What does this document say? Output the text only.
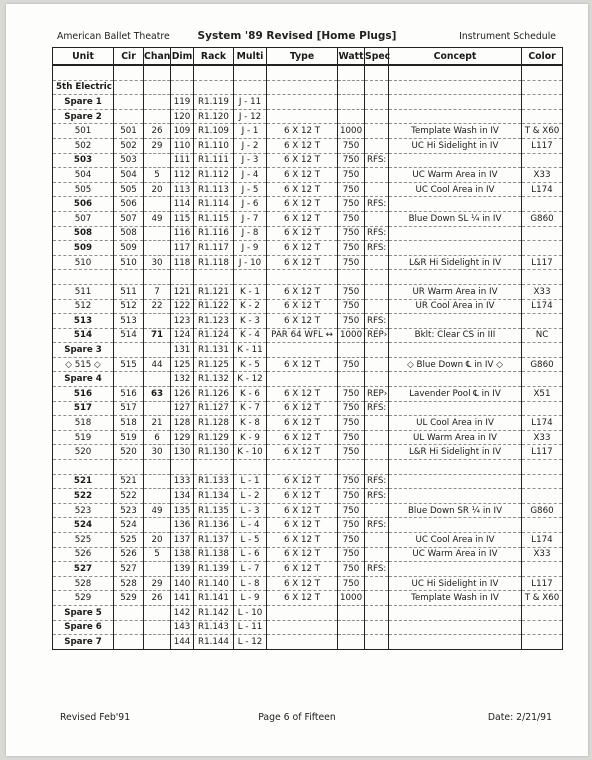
American Ballet Theatre	System '89 Revised [Home Plugs]	Instrument Schedule
Unit	Cir	Chan	Dim	Rack	Multi	Type	Watt	Spec	Concept	Color

5th Electric										
Spare 1			119	R1.119	J - 11					
Spare 2			120	R1.120	J - 12					
501	501	26	109	R1.109	J - 1	6 X 12 T	1000		Template Wash in IV	T & X60
502	502	29	110	R1.110	J - 2	6 X 12 T	750		UC Hi Sidelight in IV	L117
503	503		111	R1.111	J - 3	6 X 12 T	750	RFS:		
504	504	5	112	R1.112	J - 4	6 X 12 T	750		UC Warm Area in IV	X33
505	505	20	113	R1.113	J - 5	6 X 12 T	750		UC Cool Area in IV	L174
506	506		114	R1.114	J - 6	6 X 12 T	750	RFS:		
507	507	49	115	R1.115	J - 7	6 X 12 T	750		Blue Down SL ¼ in IV	G860
508	508		116	R1.116	J - 8	6 X 12 T	750	RFS:		
509	509		117	R1.117	J - 9	6 X 12 T	750	RFS:		
510	510	30	118	R1.118	J - 10	6 X 12 T	750		L&R Hi Sidelight in IV	L117

511	511	7	121	R1.121	K - 1	6 X 12 T	750		UR Warm Area in IV	X33
512	512	22	122	R1.122	K - 2	6 X 12 T	750		UR Cool Area in IV	L174
513	513		123	R1.123	K - 3	6 X 12 T	750	RFS:		
514	514	71	124	R1.124	K - 4	PAR 64 WFL ↔	1000	REP›	Bklt: Clear CS in III	NC
Spare 3			131	R1.131	K - 11					
◇ 515 ◇	515	44	125	R1.125	K - 5	6 X 12 T	750		◇ Blue Down ℄ in IV ◇	G860
Spare 4			132	R1.132	K - 12					
516	516	63	126	R1.126	K - 6	6 X 12 T	750	REP›	Lavender Pool ℄ in IV	X51
517	517		127	R1.127	K - 7	6 X 12 T	750	RFS:		
518	518	21	128	R1.128	K - 8	6 X 12 T	750		UL Cool Area in IV	L174
519	519	6	129	R1.129	K - 9	6 X 12 T	750		UL Warm Area in IV	X33
520	520	30	130	R1.130	K - 10	6 X 12 T	750		L&R Hi Sidelight in IV	L117

521	521		133	R1.133	L - 1	6 X 12 T	750	RFS:		
522	522		134	R1.134	L - 2	6 X 12 T	750	RFS:		
523	523	49	135	R1.135	L - 3	6 X 12 T	750		Blue Down SR ¼ in IV	G860
524	524		136	R1.136	L - 4	6 X 12 T	750	RFS:		
525	525	20	137	R1.137	L - 5	6 X 12 T	750		UC Cool Area in IV	L174
526	526	5	138	R1.138	L - 6	6 X 12 T	750		UC Warm Area in IV	X33
527	527		139	R1.139	L - 7	6 X 12 T	750	RFS:		
528	528	29	140	R1.140	L - 8	6 X 12 T	750		UC Hi Sidelight in IV	L117
529	529	26	141	R1.141	L - 9	6 X 12 T	1000		Template Wash in IV	T & X60
Spare 5			142	R1.142	L - 10					
Spare 6			143	R1.143	L - 11					
Spare 7			144	R1.144	L - 12					
Revised Feb'91	Page 6 of Fifteen	Date: 2/21/91
